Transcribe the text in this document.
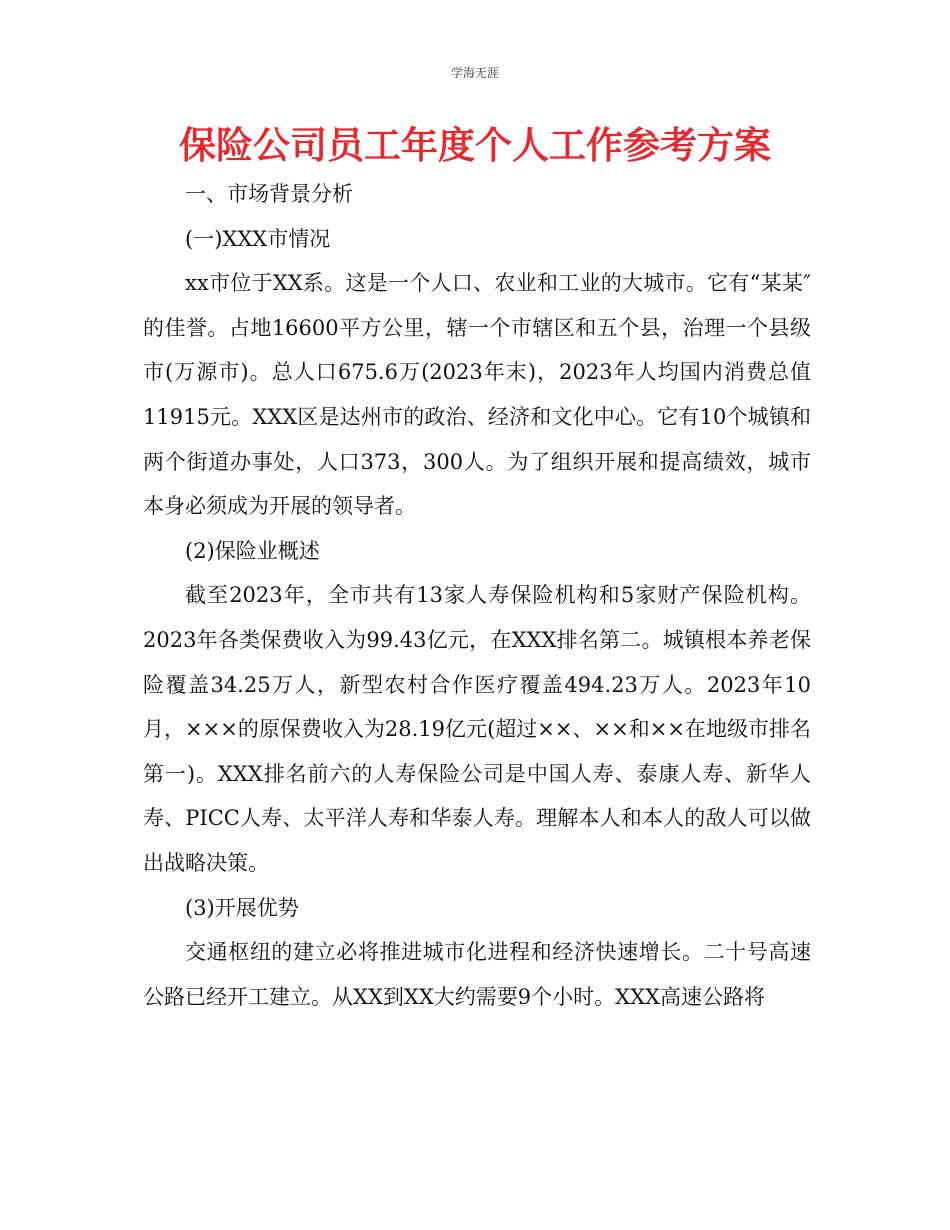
学海无涯
保险公司员工年度个人工作参考方案

一、市场背景分析

(一)XXX市情况

xx市位于XX系。这是一个人口、农业和工业的大城市。它有“某某″的佳誉。占地16600平方公里，辖一个市辖区和五个县，治理一个县级市(万源市)。总人口675.6万(2023年末)，2023年人均国内消费总值11915元。XXX区是达州市的政治、经济和文化中心。它有10个城镇和两个街道办事处，人口373，300人。为了组织开展和提高绩效，城市本身必须成为开展的领导者。

(2)保险业概述

截至2023年，全市共有13家人寿保险机构和5家财产保险机构。2023年各类保费收入为99.43亿元，在XXX排名第二。城镇根本养老保险覆盖34.25万人，新型农村合作医疗覆盖494.23万人。2023年10月，×××的原保费收入为28.19亿元(超过××、××和××在地级市排名第一)。XXX排名前六的人寿保险公司是中国人寿、泰康人寿、新华人寿、PICC人寿、太平洋人寿和华泰人寿。理解本人和本人的敌人可以做出战略决策。

(3)开展优势

交通枢纽的建立必将推进城市化进程和经济快速增长。二十号高速公路已经开工建立。从XX到XX大约需要9个小时。XXX高速公路将
